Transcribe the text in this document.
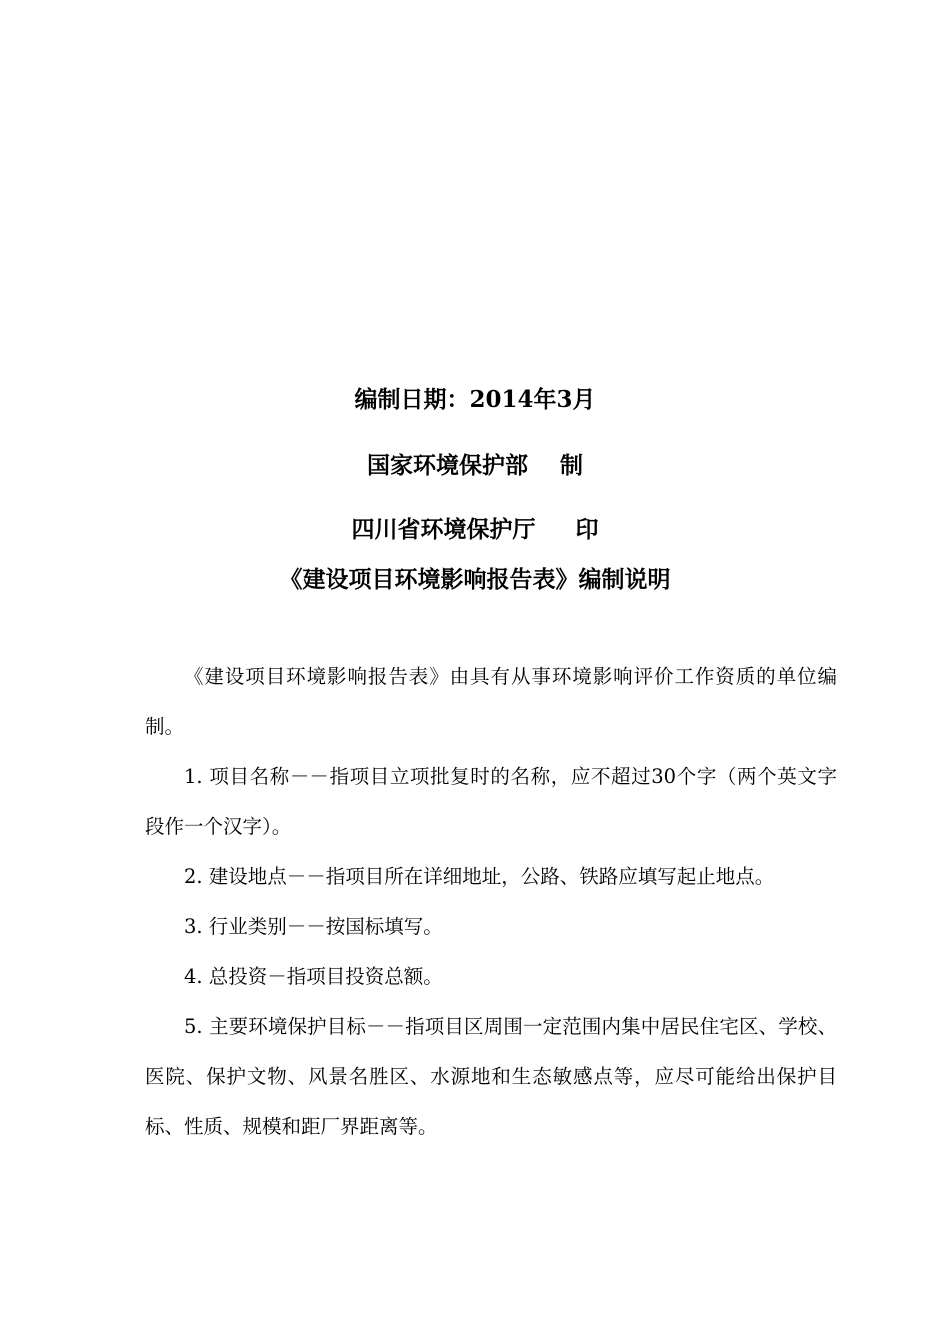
编制日期：2014年3月
国家环境保护部    制
四川省环境保护厅     印
《建设项目环境影响报告表》编制说明

《建设项目环境影响报告表》由具有从事环境影响评价工作资质的单位编制。

1. 项目名称－－指项目立项批复时的名称，应不超过30个字（两个英文字段作一个汉字）。

2. 建设地点－－指项目所在详细地址，公路、铁路应填写起止地点。

3. 行业类别－－按国标填写。

4. 总投资－指项目投资总额。

5. 主要环境保护目标－－指项目区周围一定范围内集中居民住宅区、学校、医院、保护文物、风景名胜区、水源地和生态敏感点等，应尽可能给出保护目标、性质、规模和距厂界距离等。
